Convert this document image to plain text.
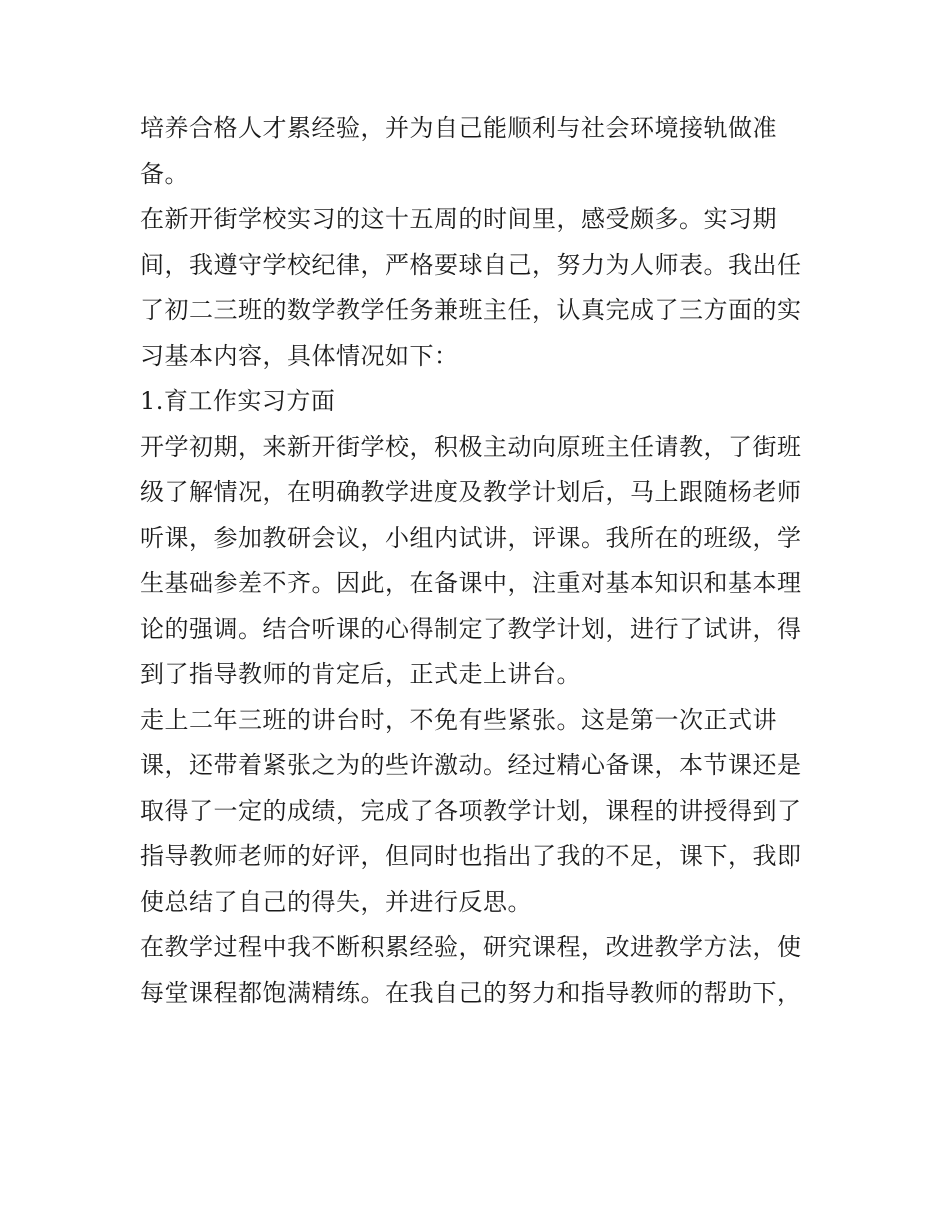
培养合格人才累经验，并为自己能顺利与社会环境接轨做准
备。
在新开街学校实习的这十五周的时间里，感受颇多。实习期
间，我遵守学校纪律，严格要球自己，努力为人师表。我出任
了初二三班的数学教学任务兼班主任，认真完成了三方面的实
习基本内容，具体情况如下：
1.育工作实习方面
开学初期，来新开街学校，积极主动向原班主任请教，了街班
级了解情况，在明确教学进度及教学计划后，马上跟随杨老师
听课，参加教研会议，小组内试讲，评课。我所在的班级，学
生基础参差不齐。因此，在备课中，注重对基本知识和基本理
论的强调。结合听课的心得制定了教学计划，进行了试讲，得
到了指导教师的肯定后，正式走上讲台。
走上二年三班的讲台时，不免有些紧张。这是第一次正式讲
课，还带着紧张之为的些许激动。经过精心备课，本节课还是
取得了一定的成绩，完成了各项教学计划，课程的讲授得到了
指导教师老师的好评，但同时也指出了我的不足，课下，我即
使总结了自己的得失，并进行反思。
在教学过程中我不断积累经验，研究课程，改进教学方法，使
每堂课程都饱满精练。在我自己的努力和指导教师的帮助下，
